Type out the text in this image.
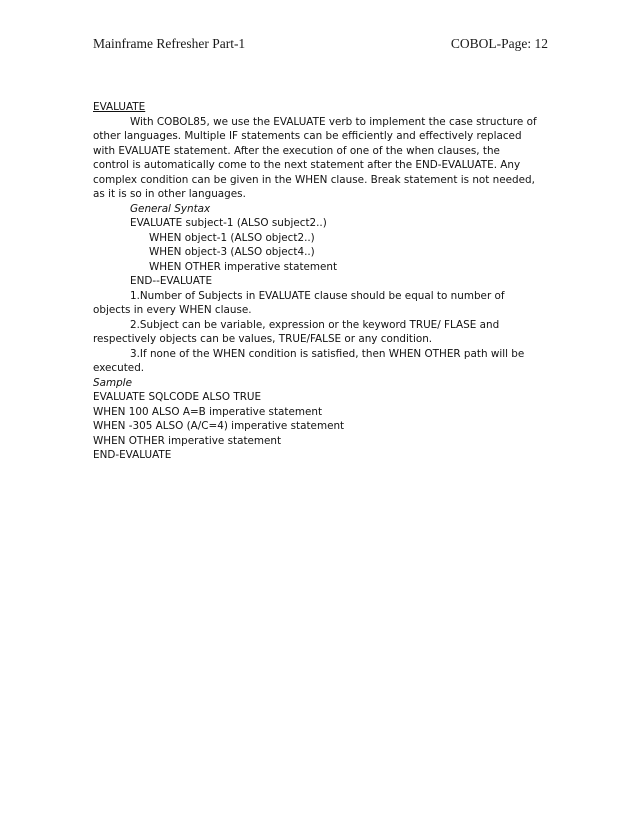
Mainframe Refresher Part-1	COBOL-Page: 12
EVALUATE
With COBOL85, we use the EVALUATE verb to implement the case structure of
other languages. Multiple IF statements can be efficiently and effectively replaced
with EVALUATE statement. After the execution of one of the when clauses, the
control is automatically come to the next statement after the END-EVALUATE. Any
complex condition can be given in the WHEN clause. Break statement is not needed,
as it is so in other languages.
General Syntax
EVALUATE subject-1 (ALSO subject2..)
WHEN object-1 (ALSO object2..)
WHEN object-3 (ALSO object4..)
WHEN OTHER imperative statement
END--EVALUATE
1.Number of Subjects in EVALUATE clause should be equal to number of
objects in every WHEN clause.
2.Subject can be variable, expression or the keyword TRUE/ FLASE and
respectively objects can be values, TRUE/FALSE or any condition.
3.If none of the WHEN condition is satisfied, then WHEN OTHER path will be
executed.
Sample
EVALUATE SQLCODE ALSO TRUE
WHEN 100 ALSO A=B imperative statement
WHEN -305 ALSO (A/C=4) imperative statement
WHEN OTHER imperative statement
END-EVALUATE
